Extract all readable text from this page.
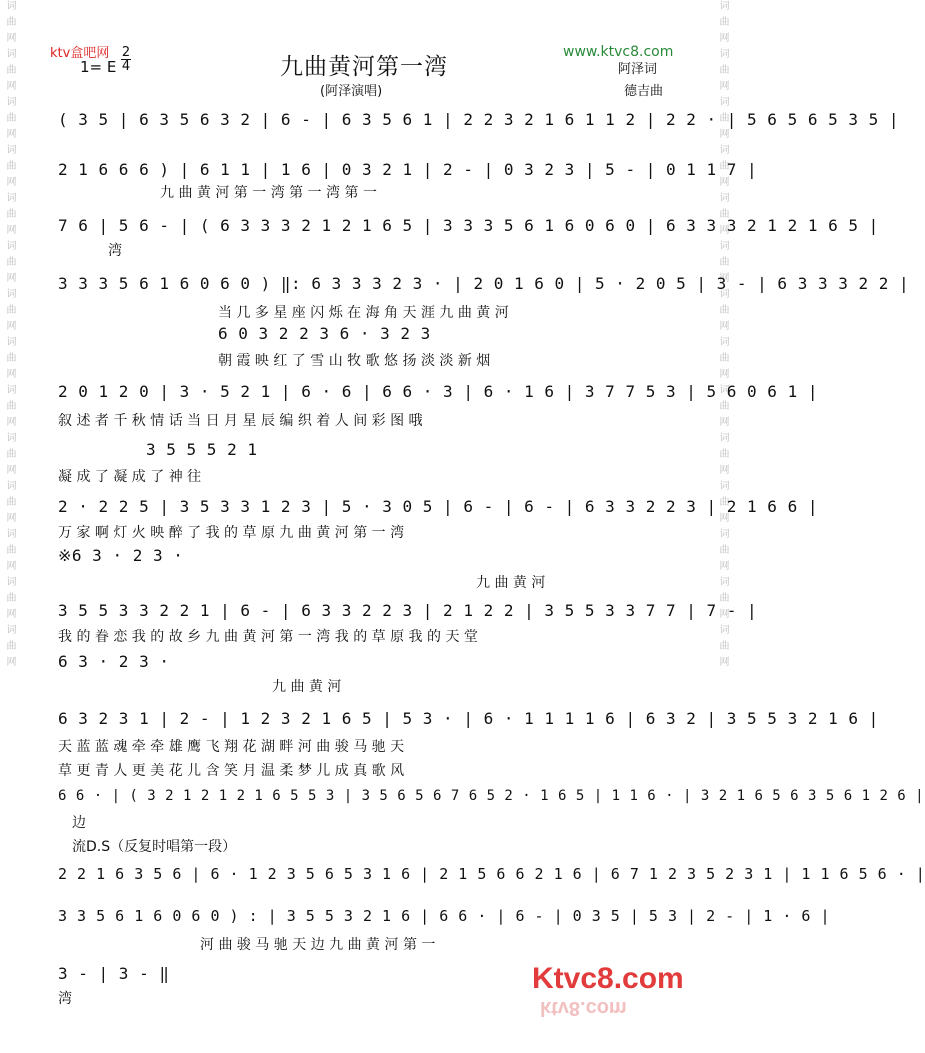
词曲网词曲网词曲网词曲网词曲网词曲网词曲网词曲网词曲网词曲网词曲网词曲网词曲网词曲网	词曲网词曲网词曲网词曲网词曲网词曲网词曲网词曲网词曲网词曲网词曲网词曲网词曲网词曲网
ktv盒吧网
1= E
2
4	九曲黄河第一湾
(阿泽演唱)
www.ktvc8.com
阿泽词
德吉曲
( 3 5 | 6 3 5 6 3 2 | 6 - | 6 3 5 6 1 | 2 2 3 2 1 6 1 1 2 | 2 2 · | 5 6 5 6 5 3 5 |
2 1 6 6 6 ) | 6 1 1 | 1 6 | 0 3 2 1 | 2 - | 0 3 2 3 | 5 - | 0 1 1 7 |
7 6 | 5 6 - | ( 6 3 3 3 2 1 2 1 6 5 | 3 3 3 5 6 1 6 0 6 0 | 6 3 3 3 2 1 2 1 6 5 |
3 3 3 5 6 1 6 0 6 0 ) ‖: 6 3 3 3 2 3 · | 2 0 1 6 0 | 5 · 2 0 5 | 3 - | 6 3 3 3 2 2 |
6 0 3 2 2 3 6 · 3 2 3
2 0 1 2 0 | 3 · 5 2 1 | 6 · 6 | 6 6 · 3 | 6 · 1 6 | 3 7 7 5 3 | 5 6 0 6 1 |
3 5 5 5 2 1
2 · 2 2 5 | 3 5 3 3 1 2 3 | 5 · 3 0 5 | 6 - | 6 - | 6 3 3 2 2 3 | 2 1 6 6 |
※6 3 · 2 3 ·
3 5 5 3 3 2 2 1 | 6 - | 6 3 3 2 2 3 | 2 1 2 2 | 3 5 5 3 3 7 7 | 7 - |
6 3 · 2 3 ·
6 3 2 3 1 | 2 - | 1 2 3 2 1 6 5 | 5 3 · | 6 · 1 1 1 1 6 | 6 3 2 | 3 5 5 3 2 1 6 |
6 6 · | ( 3 2 1 2 1 2 1 6 5 5 3 | 3 5 6 5 6 7 6 5 2 · 1 6 5 | 1 1 6 · | 3 2 1 6 5 6 3 5 6 1 2 6 |
2 2 1 6 3 5 6 | 6 · 1 2 3 5 6 5 3 1 6 | 2 1 5 6 6 2 1 6 | 6 7 1 2 3 5 2 3 1 | 1 1 6 5 6 · |
3 3 5 6 1 6 0 6 0 ) : | 3 5 5 3 2 1 6 | 6 6 · | 6 - | 0 3 5 | 5 3 | 2 - | 1 · 6 |
3 - | 3 - ‖
九 曲 黄 河 第 一 湾 第 一 湾 第 一
湾
当 几 多 星 座 闪 烁 在 海 角 天 涯 九 曲 黄 河
朝 霞 映 红 了 雪 山 牧 歌 悠 扬 淡 淡 新 烟
叙 述 者 千 秋 情 话 当 日 月 星 辰 编 织 着 人 间 彩 图 哦
凝 成 了 凝 成 了 神 往
万 家 啊 灯 火 映 醉 了 我 的 草 原 九 曲 黄 河 第 一 湾
九 曲 黄 河
我 的 眷 恋 我 的 故 乡 九 曲 黄 河 第 一 湾 我 的 草 原 我 的 天 堂
九 曲 黄 河
天 蓝 蓝 魂 牵 牵 雄 鹰 飞 翔 花 湖 畔 河 曲 骏 马 驰 天
草 更 青 人 更 美 花 儿 含 笑 月 温 柔 梦 儿 成 真 歌 风
边
流D.S（反复时唱第一段）
河 曲 骏 马 驰 天 边 九 曲 黄 河 第 一
湾
Ktvc8.com
ktv8.com
